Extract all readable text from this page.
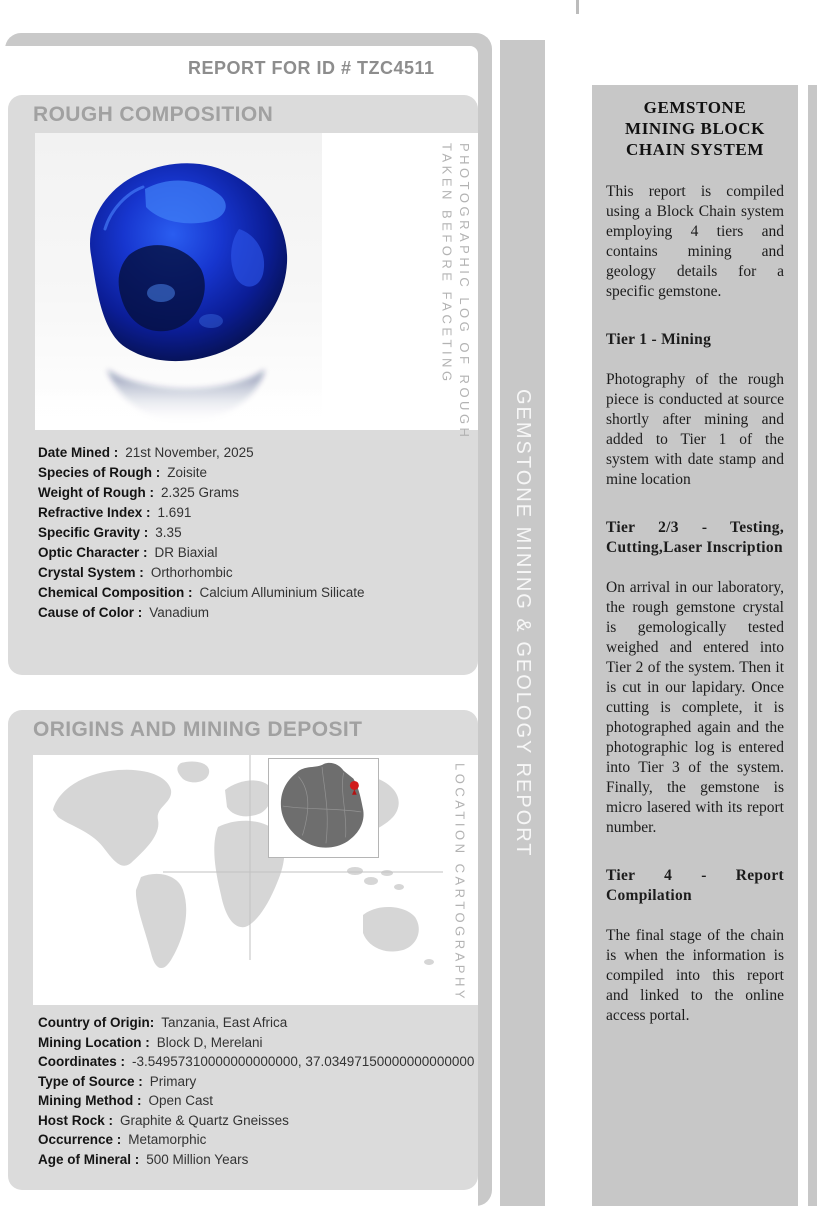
REPORT FOR ID # TZC4511
ROUGH COMPOSITION
PHOTOGRAPHIC LOG OF ROUGH
TAKEN BEFORE FACETING
Date Mined : 21st November, 2025
Species of Rough : Zoisite
Weight of Rough : 2.325 Grams
Refractive Index : 1.691
Specific Gravity : 3.35
Optic Character : DR Biaxial
Crystal System : Orthorhombic
Chemical Composition : Calcium Alluminium Silicate
Cause of Color : Vanadium
ORIGINS AND MINING DEPOSIT
LOCATION CARTOGRAPHY
Country of Origin: Tanzania, East Africa
Mining Location : Block D, Merelani
Coordinates : -3.54957310000000000000, 37.03497150000000000000
Type of Source : Primary
Mining Method : Open Cast
Host Rock : Graphite & Quartz Gneisses
Occurrence : Metamorphic
Age of Mineral : 500 Million Years
GEMSTONE MINING & GEOLOGY REPORT
GEMSTONE MINING BLOCK CHAIN SYSTEM
This report is compiled using a Block Chain system employing 4 tiers and contains mining and geology details for a specific gemstone.
Tier 1 - Mining
Photography of the rough piece is conducted at source shortly after mining and added to Tier 1 of the system with date stamp and mine location
Tier 2/3 - Testing, Cutting,Laser Inscription
On arrival in our laboratory, the rough gemstone crystal is gemologically tested weighed and entered into Tier 2 of the system. Then it is cut in our lapidary. Once cutting is complete, it is photographed again and the photographic log is entered into Tier 3 of the system. Finally, the gemstone is micro lasered with its report number.
Tier 4 - Report Compilation
The final stage of the chain is when the information is compiled into this report and linked to the online access portal.
